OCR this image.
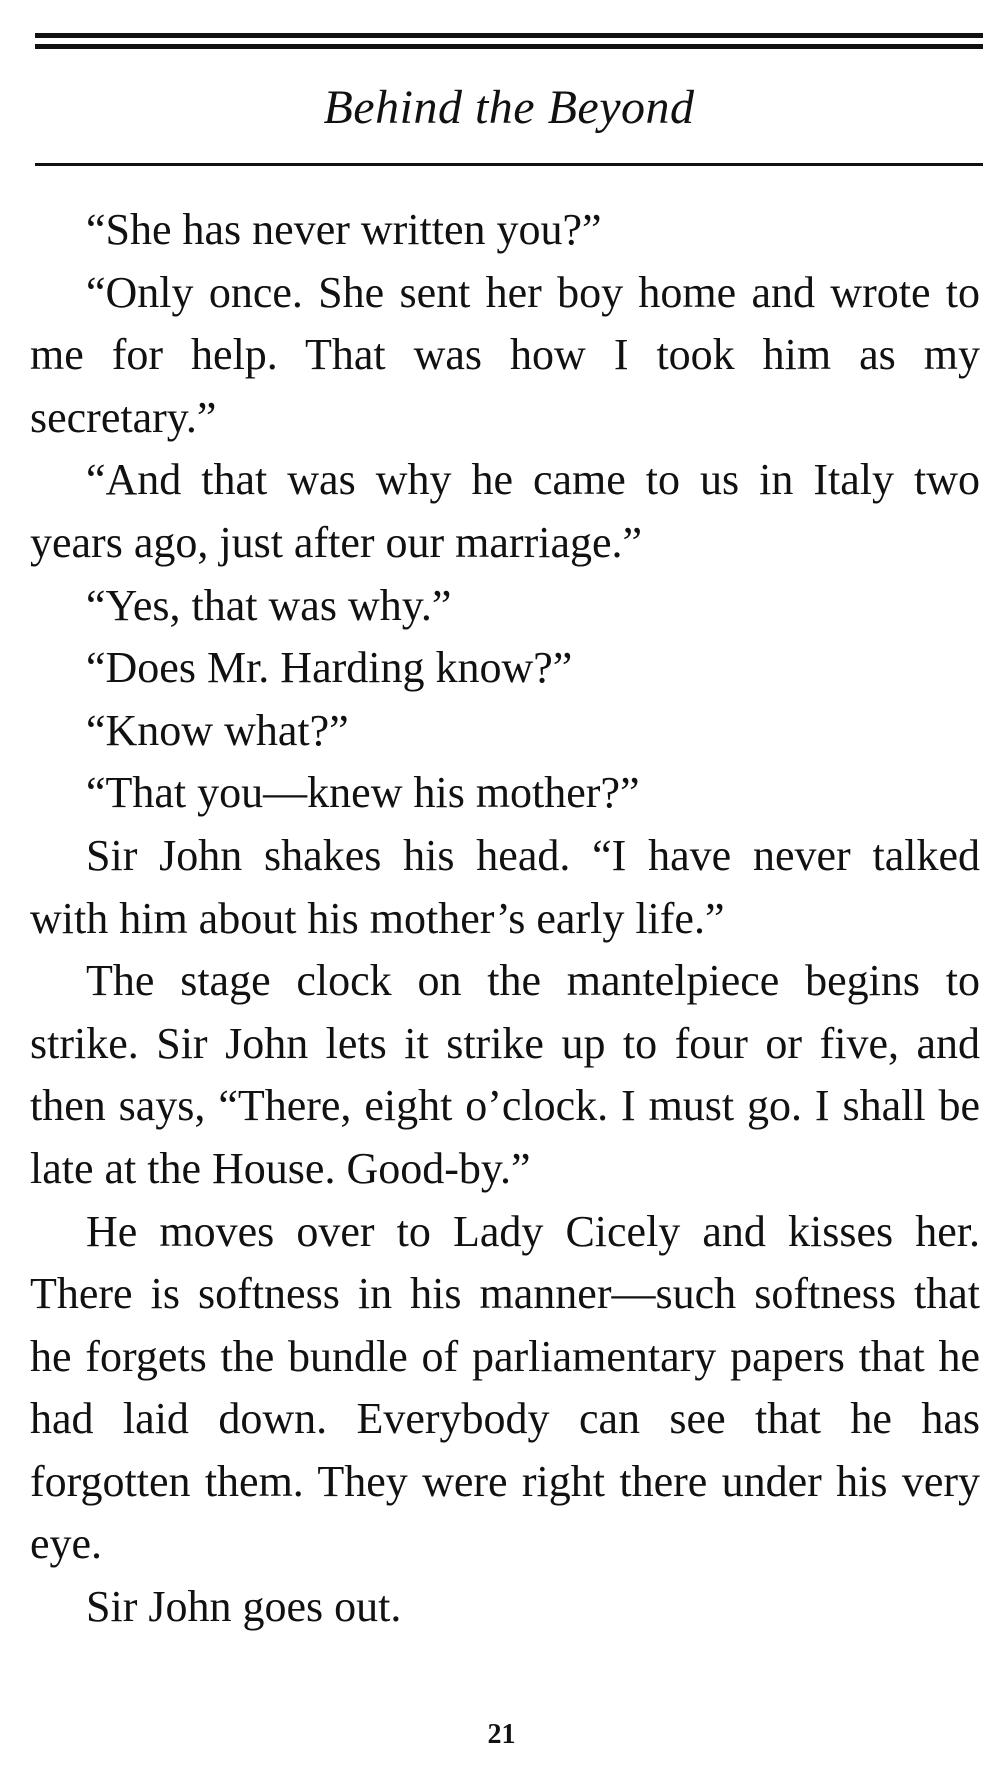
Behind the Beyond

“She has never written you?”

“Only once. She sent her boy home and wrote to me for help. That was how I took him as my secretary.”

“And that was why he came to us in Italy two years ago, just after our marriage.”

“Yes, that was why.”

“Does Mr. Harding know?”

“Know what?”

“That you—knew his mother?”

Sir John shakes his head. “I have never talked with him about his mother’s early life.”

The stage clock on the mantelpiece begins to strike. Sir John lets it strike up to four or five, and then says, “There, eight o’clock. I must go. I shall be late at the House. Good-by.”

He moves over to Lady Cicely and kisses her. There is softness in his manner—such softness that he forgets the bundle of parliamentary papers that he had laid down. Everybody can see that he has forgotten them. They were right there under his very eye.

Sir John goes out.

21
